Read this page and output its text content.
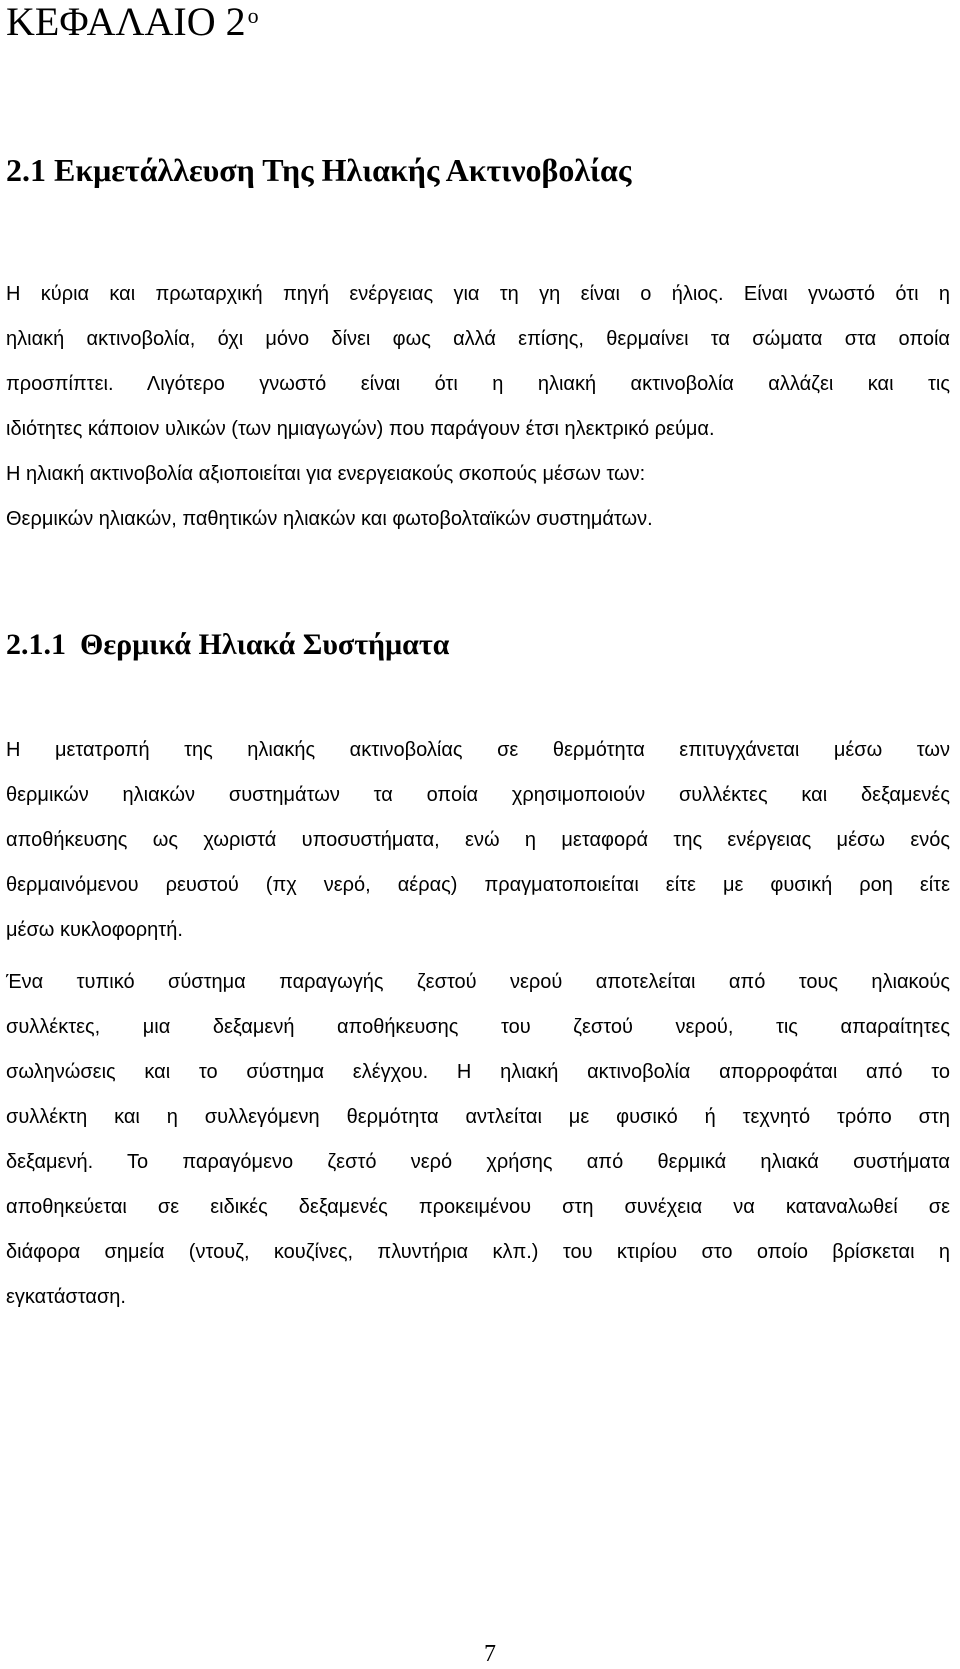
ΚΕΦΑΛΑΙΟ $2^o$
2.1 Εκμετάλλευση Της Ηλιακής Ακτινοβολίας
Η κύρια και πρωταρχική πηγή ενέργειας για τη γη είναι ο ήλιος. Είναι γνωστό ότι η
ηλιακή ακτινοβολία, όχι μόνο δίνει φως αλλά επίσης, θερμαίνει τα σώματα στα οποία
προσπίπτει. Λιγότερο γνωστό είναι ότι η ηλιακή ακτινοβολία αλλάζει και τις
ιδιότητες κάποιον υλικών (των ημιαγωγών) που παράγουν έτσι ηλεκτρικό ρεύμα.
Η ηλιακή ακτινοβολία αξιοποιείται για ενεργειακούς σκοπούς μέσων των:
Θερμικών ηλιακών, παθητικών ηλιακών και φωτοβολταϊκών συστημάτων.
2.1.1 Θερμικά Ηλιακά Συστήματα
Η μετατροπή της ηλιακής ακτινοβολίας σε θερμότητα επιτυγχάνεται μέσω των
θερμικών ηλιακών συστημάτων τα οποία χρησιμοποιούν συλλέκτες και δεξαμενές
αποθήκευσης ως χωριστά υποσυστήματα, ενώ η μεταφορά της ενέργειας μέσω ενός
θερμαινόμενου ρευστού (πχ νερό, αέρας) πραγματοποιείται είτε με φυσική ροη είτε
μέσω κυκλοφορητή.
Ένα τυπικό σύστημα παραγωγής ζεστού νερού αποτελείται από τους ηλιακούς
συλλέκτες, μια δεξαμενή αποθήκευσης του ζεστού νερού, τις απαραίτητες
σωληνώσεις και το σύστημα ελέγχου. Η ηλιακή ακτινοβολία απορροφάται από το
συλλέκτη και η συλλεγόμενη θερμότητα αντλείται με φυσικό ή τεχνητό τρόπο στη
δεξαμενή. Το παραγόμενο ζεστό νερό χρήσης από θερμικά ηλιακά συστήματα
αποθηκεύεται σε ειδικές δεξαμενές προκειμένου στη συνέχεια να καταναλωθεί σε
διάφορα σημεία (ντουζ, κουζίνες, πλυντήρια κλπ.) του κτιρίου στο οποίο βρίσκεται η
εγκατάσταση.
7
